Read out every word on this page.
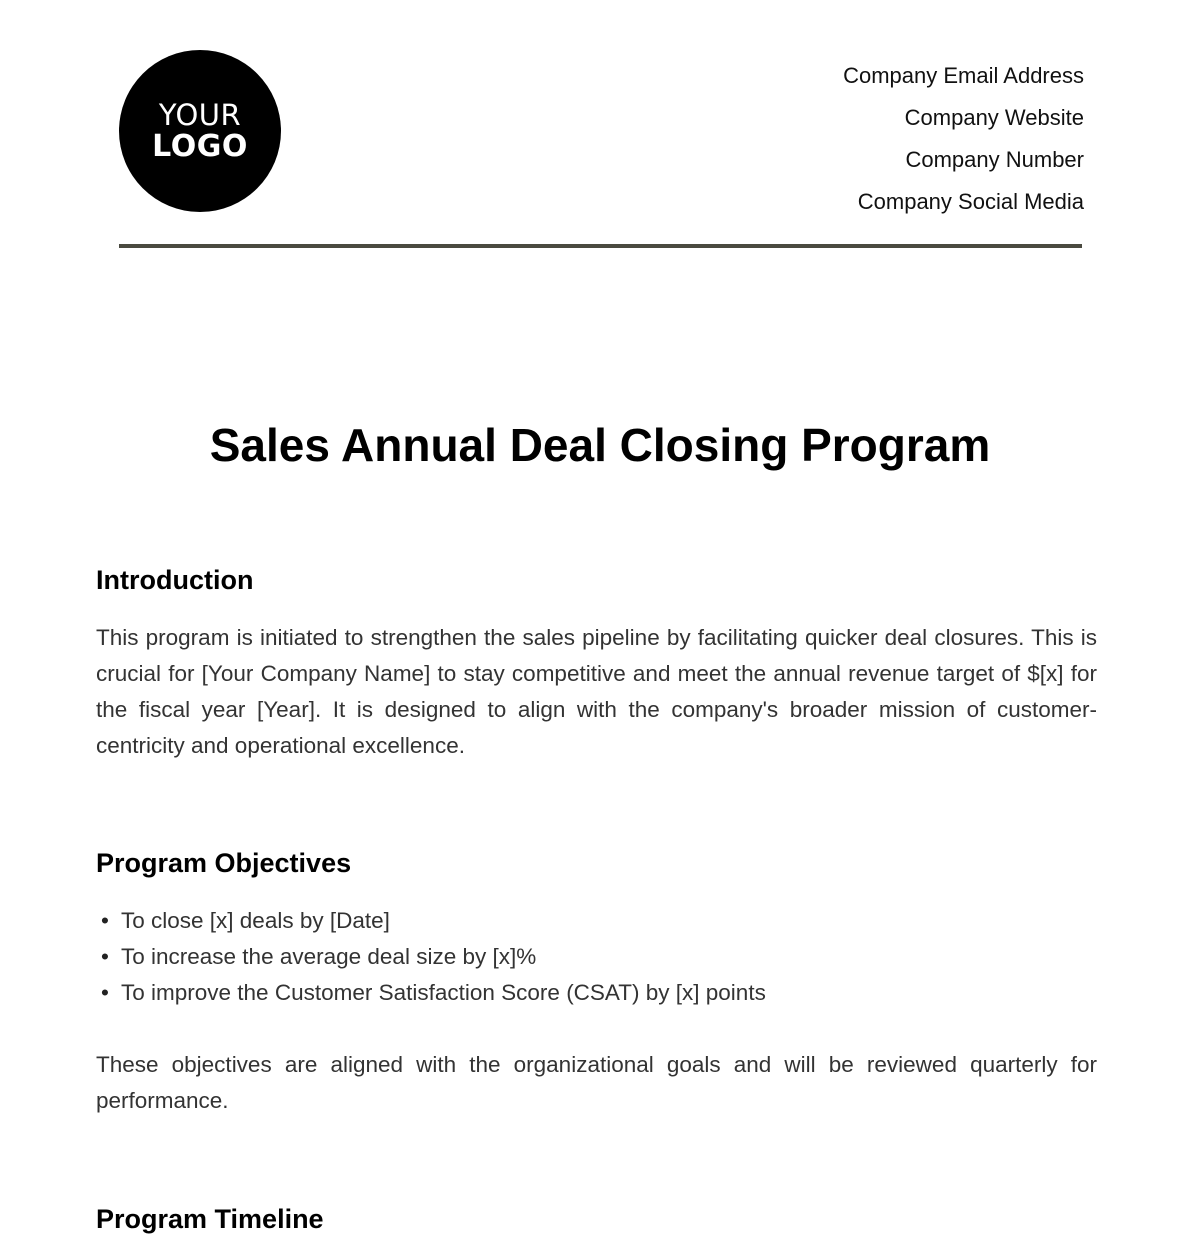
YOUR
LOGO
Company Email Address
Company Website
Company Number
Company Social Media
Sales Annual Deal Closing Program
Introduction

This program is initiated to strengthen the sales pipeline by facilitating quicker deal closures. This is crucial for [Your Company Name] to stay competitive and meet the annual revenue target of $[x] for the fiscal year [Year]. It is designed to align with the company's broader mission of customer-centricity and operational excellence.

Program Objectives
• To close [x] deals by [Date]
• To increase the average deal size by [x]%
• To improve the Customer Satisfaction Score (CSAT) by [x] points

These objectives are aligned with the organizational goals and will be reviewed quarterly for performance.

Program Timeline
